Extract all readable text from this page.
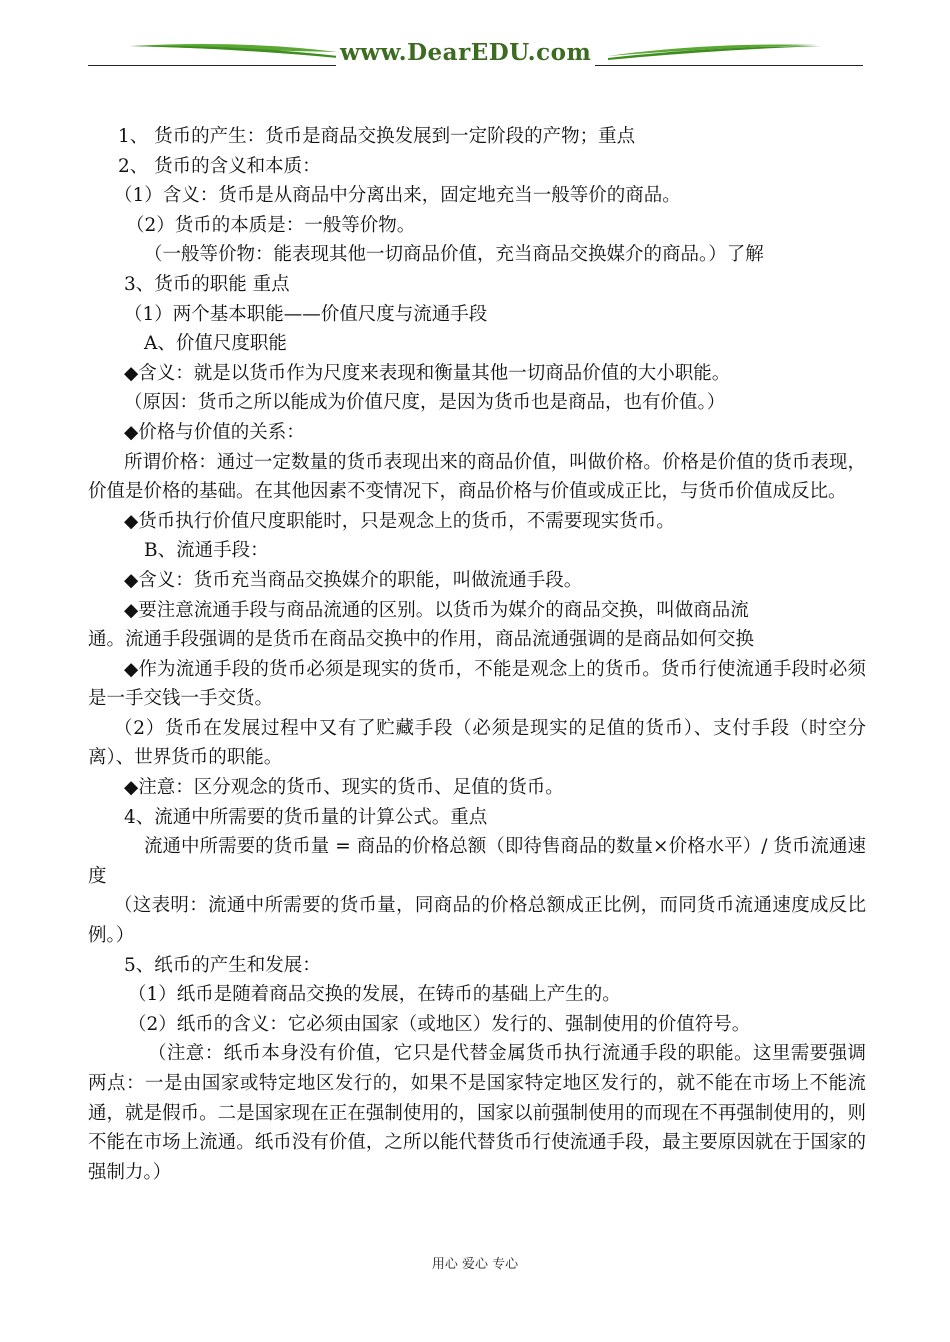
www.DearEDU.com
1、 货币的产生：货币是商品交换发展到一定阶段的产物；重点
2、 货币的含义和本质：
（1）含义：货币是从商品中分离出来，固定地充当一般等价的商品。
（2）货币的本质是：一般等价物。
（一般等价物：能表现其他一切商品价值，充当商品交换媒介的商品。）了解
3、货币的职能 重点
（1）两个基本职能——价值尺度与流通手段
A、价值尺度职能
◆含义：就是以货币作为尺度来表现和衡量其他一切商品价值的大小职能。
（原因：货币之所以能成为价值尺度，是因为货币也是商品，也有价值。）
◆价格与价值的关系：
所谓价格：通过一定数量的货币表现出来的商品价值，叫做价格。价格是价值的货币表现，价值是价格的基础。在其他因素不变情况下，商品价格与价值或成正比，与货币价值成反比。
◆货币执行价值尺度职能时，只是观念上的货币，不需要现实货币。
B、流通手段：
◆含义：货币充当商品交换媒介的职能，叫做流通手段。
◆要注意流通手段与商品流通的区别。以货币为媒介的商品交换，叫做商品流
通。流通手段强调的是货币在商品交换中的作用，商品流通强调的是商品如何交换
◆作为流通手段的货币必须是现实的货币，不能是观念上的货币。货币行使流通手段时必须是一手交钱一手交货。
（2）货币在发展过程中又有了贮藏手段（必须是现实的足值的货币）、支付手段（时空分离）、世界货币的职能。
◆注意：区分观念的货币、现实的货币、足值的货币。
4、流通中所需要的货币量的计算公式。重点
流通中所需要的货币量 = 商品的价格总额（即待售商品的数量×价格水平）/ 货币流通速度
（这表明：流通中所需要的货币量，同商品的价格总额成正比例，而同货币流通速度成反比例。）
5、纸币的产生和发展：
（1）纸币是随着商品交换的发展，在铸币的基础上产生的。
（2）纸币的含义：它必须由国家（或地区）发行的、强制使用的价值符号。
（注意：纸币本身没有价值，它只是代替金属货币执行流通手段的职能。这里需要强调两点：一是由国家或特定地区发行的，如果不是国家特定地区发行的，就不能在市场上不能流通，就是假币。二是国家现在正在强制使用的，国家以前强制使用的而现在不再强制使用的，则不能在市场上流通。纸币没有价值，之所以能代替货币行使流通手段，最主要原因就在于国家的强制力。）
用心 爱心 专心
